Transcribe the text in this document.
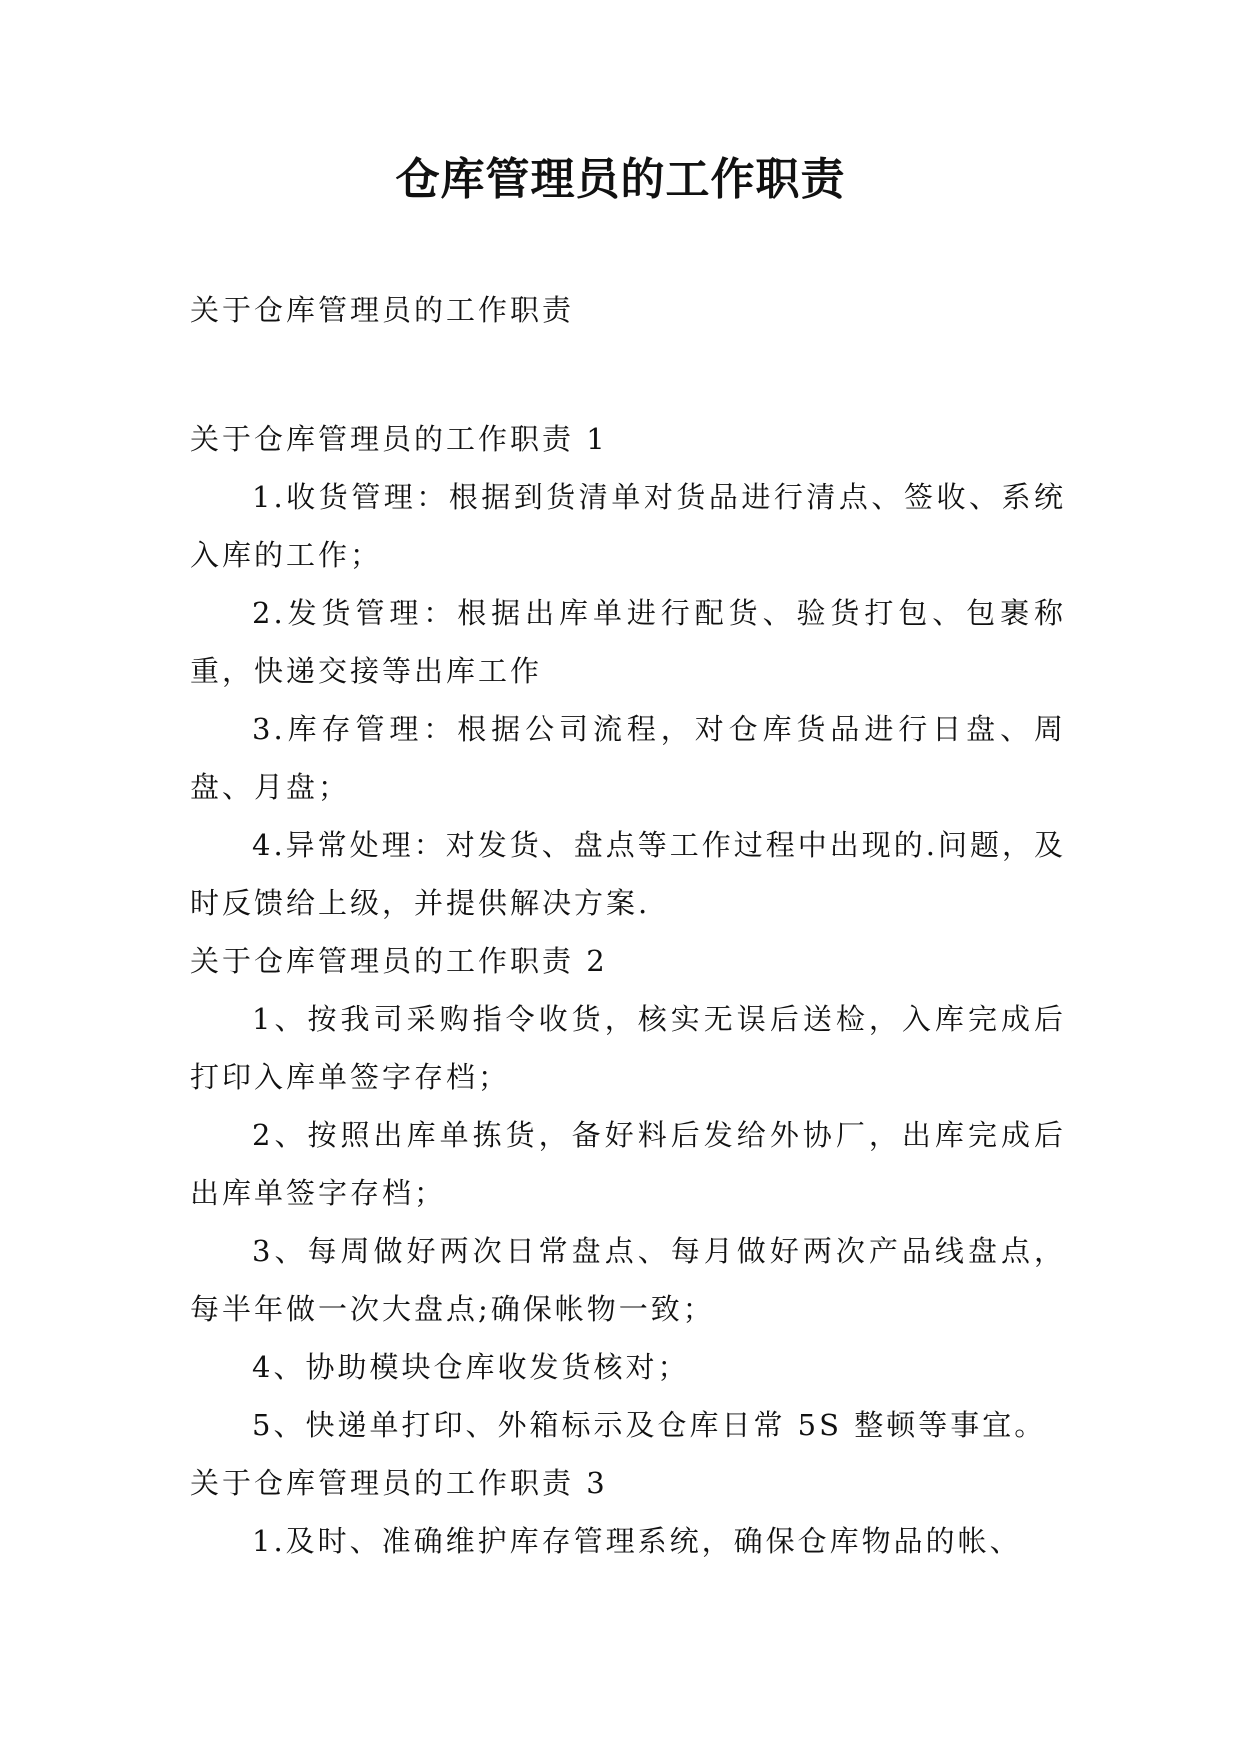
仓库管理员的工作职责

关于仓库管理员的工作职责

关于仓库管理员的工作职责 1

1.收货管理：根据到货清单对货品进行清点、签收、系统入库的工作；

2.发货管理：根据出库单进行配货、验货打包、包裹称重，快递交接等出库工作

3.库存管理：根据公司流程，对仓库货品进行日盘、周盘、月盘；

4.异常处理：对发货、盘点等工作过程中出现的.问题，及时反馈给上级，并提供解决方案.

关于仓库管理员的工作职责 2

1、按我司采购指令收货，核实无误后送检，入库完成后打印入库单签字存档；

2、按照出库单拣货，备好料后发给外协厂，出库完成后出库单签字存档；

3、每周做好两次日常盘点、每月做好两次产品线盘点，每半年做一次大盘点;确保帐物一致；

4、协助模块仓库收发货核对；

5、快递单打印、外箱标示及仓库日常 5S 整顿等事宜。

关于仓库管理员的工作职责 3

1.及时、准确维护库存管理系统，确保仓库物品的帐、
